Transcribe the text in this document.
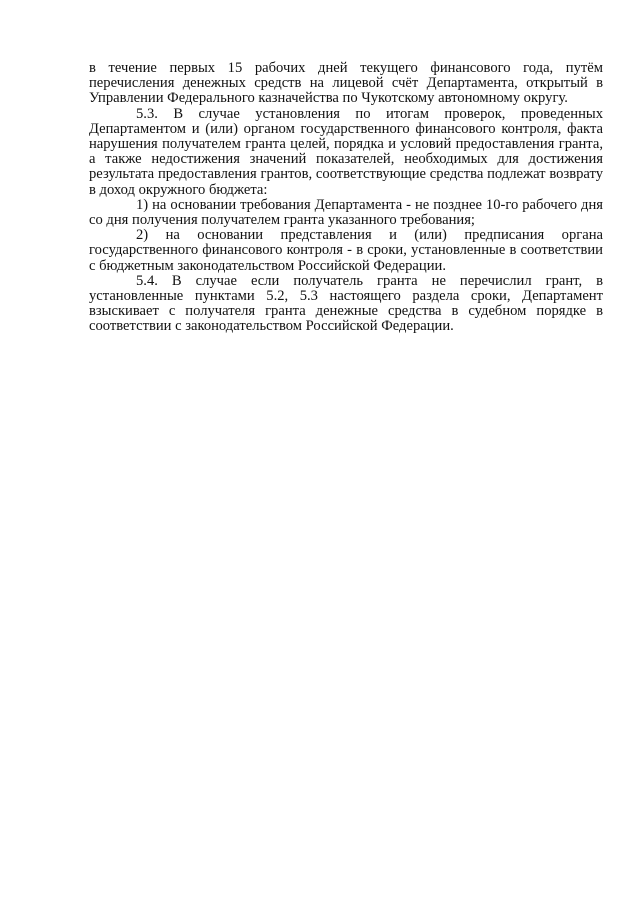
в течение первых 15 рабочих дней текущего финансового года, путём перечисления денежных средств на лицевой счёт Департамента, открытый в Управлении Федерального казначейства по Чукотскому автономному округу.

5.3. В случае установления по итогам проверок, проведенных Департаментом и (или) органом государственного финансового контроля, факта нарушения получателем гранта целей, порядка и условий предоставления гранта, а также недостижения значений показателей, необходимых для достижения результата предоставления грантов, соответствующие средства подлежат возврату в доход окружного бюджета:

1) на основании требования Департамента - не позднее 10-го рабочего дня со дня получения получателем гранта указанного требования;

2) на основании представления и (или) предписания органа государственного финансового контроля - в сроки, установленные в соответствии с бюджетным законодательством Российской Федерации.

5.4. В случае если получатель гранта не перечислил грант, в установленные пунктами 5.2, 5.3 настоящего раздела сроки, Департамент взыскивает с получателя гранта денежные средства в судебном порядке в соответствии с законодательством Российской Федерации.
